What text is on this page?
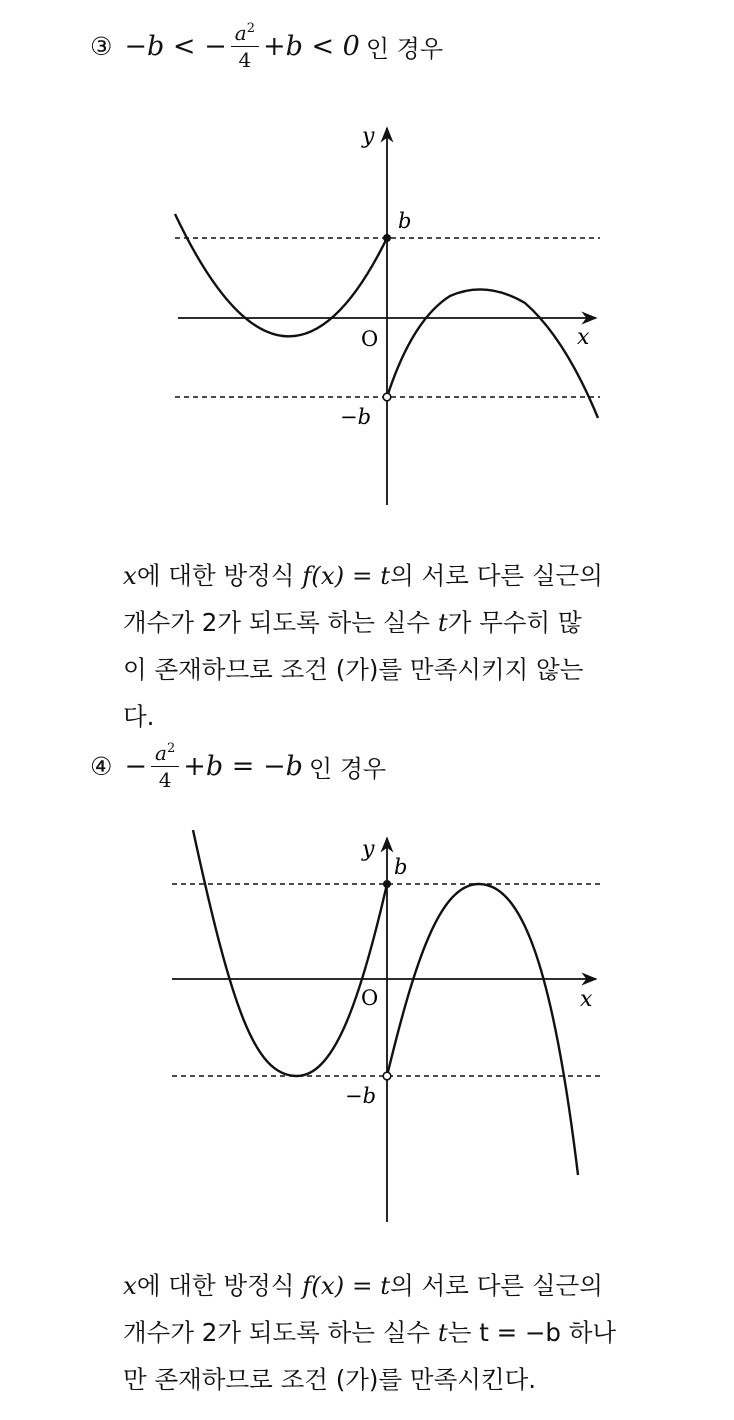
③ −b < − $\frac{a^2}{4} +b < 0$ 인 경우
y
x
O
b
−b

x에 대한 방정식 f(x) = t의 서로 다른 실근의
개수가 2가 되도록 하는 실수 t가 무수히 많
이 존재하므로 조건 (가)를 만족시키지 않는
다.

④ − $\frac{a^2}{4} +b = -b$ 인 경우
y
x
O
b
−b

x에 대한 방정식 f(x) = t의 서로 다른 실근의
개수가 2가 되도록 하는 실수 t는 t = −b 하나
만 존재하므로 조건 (가)를 만족시킨다.
